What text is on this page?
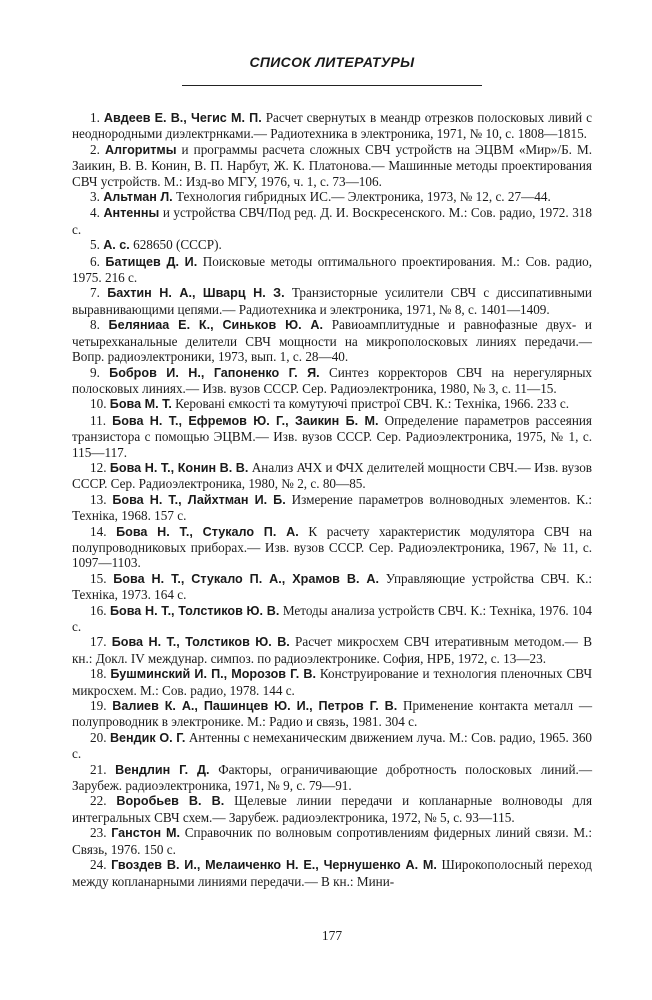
СПИСОК ЛИТЕРАТУРЫ

1. Авдеев Е. В., Чегис М. П. Расчет свернутых в меандр отрезков полосковых ливий с неоднородными диэлектрнками.— Радиотехника в электроника, 1971, № 10, с. 1808—1815.

2. Алгоритмы и программы расчета сложных СВЧ устройств на ЭЦВМ «Мир»/Б. М. Заикин, В. В. Конин, В. П. Нарбут, Ж. К. Платонова.— Машинные методы проектирования СВЧ устройств. М.: Изд-во МГУ, 1976, ч. 1, с. 73—106.

3. Альтман Л. Технология гибридных ИС.— Электроника, 1973, № 12, с. 27—44.

4. Антенны и устройства СВЧ/Под ред. Д. И. Воскресенского. М.: Сов. радио, 1972. 318 с.

5. А. с. 628650 (СССР).

6. Батищев Д. И. Поисковые методы оптимального проектирования. М.: Сов. радио, 1975. 216 с.

7. Бахтин Н. А., Шварц Н. З. Транзисторные усилители СВЧ с диссипативными выравнивающими цепями.— Радиотехника и электроника, 1971, № 8, с. 1401—1409.

8. Беляниаа Е. К., Синьков Ю. А. Равиоамплитудные и равнофазные двух- и четырехканальные делители СВЧ мощности на микрополосковых линиях передачи.— Вопр. радиоэлектроники, 1973, вып. 1, с. 28—40.

9. Бобров И. Н., Гапоненко Г. Я. Синтез корректоров СВЧ на нерегулярных полосковых линиях.— Изв. вузов СССР. Сер. Радиоэлектроника, 1980, № 3, с. 11—15.

10. Бова М. Т. Керовані ємкості та комутуючі пристрої СВЧ. К.: Техніка, 1966. 233 с.

11. Бова Н. Т., Ефремов Ю. Г., Заикин Б. М. Определение параметров рассеяния транзистора с помощью ЭЦВМ.— Изв. вузов СССР. Сер. Радиоэлектроника, 1975, № 1, с. 115—117.

12. Бова Н. Т., Конин В. В. Анализ АЧХ и ФЧХ делителей мощности СВЧ.— Изв. вузов СССР. Сер. Радиоэлектроника, 1980, № 2, с. 80—85.

13. Бова Н. Т., Лайхтман И. Б. Измерение параметров волноводных элементов. К.: Техніка, 1968. 157 с.

14. Бова Н. Т., Стукало П. А. К расчету характеристик модулятора СВЧ на полупроводниковых приборах.— Изв. вузов СССР. Сер. Радиоэлектроника, 1967, № 11, с. 1097—1103.

15. Бова Н. Т., Стукало П. А., Храмов В. А. Управляющие устройства СВЧ. К.: Техніка, 1973. 164 с.

16. Бова Н. Т., Толстиков Ю. В. Методы анализа устройств СВЧ. К.: Техніка, 1976. 104 с.

17. Бова Н. Т., Толстиков Ю. В. Расчет микросхем СВЧ итеративным методом.— В кн.: Докл. IV междунар. симпоз. по радиоэлектронике. София, НРБ, 1972, с. 13—23.

18. Бушминский И. П., Морозов Г. В. Конструирование и технология пленочных СВЧ микросхем. М.: Сов. радио, 1978. 144 с.

19. Валиев К. А., Пашинцев Ю. И., Петров Г. В. Применение контакта металл — полупроводник в электронике. М.: Радио и связь, 1981. 304 с.

20. Вендик О. Г. Антенны с немеханическим движением луча. М.: Сов. радио, 1965. 360 с.

21. Вендлин Г. Д. Факторы, ограничивающие добротность полосковых линий.— Зарубеж. радиоэлектроника, 1971, № 9, с. 79—91.

22. Воробьев В. В. Щелевые линии передачи и копланарные волноводы для интегральных СВЧ схем.— Зарубеж. радиоэлектроника, 1972, № 5, с. 93—115.

23. Ганстон М. Справочник по волновым сопротивлениям фидерных линий связи. М.: Связь, 1976. 150 с.

24. Гвоздев В. И., Мелаиченко Н. Е., Чернушенко А. М. Широкополосный переход между копланарными линиями передачи.— В кн.: Мини-

177
